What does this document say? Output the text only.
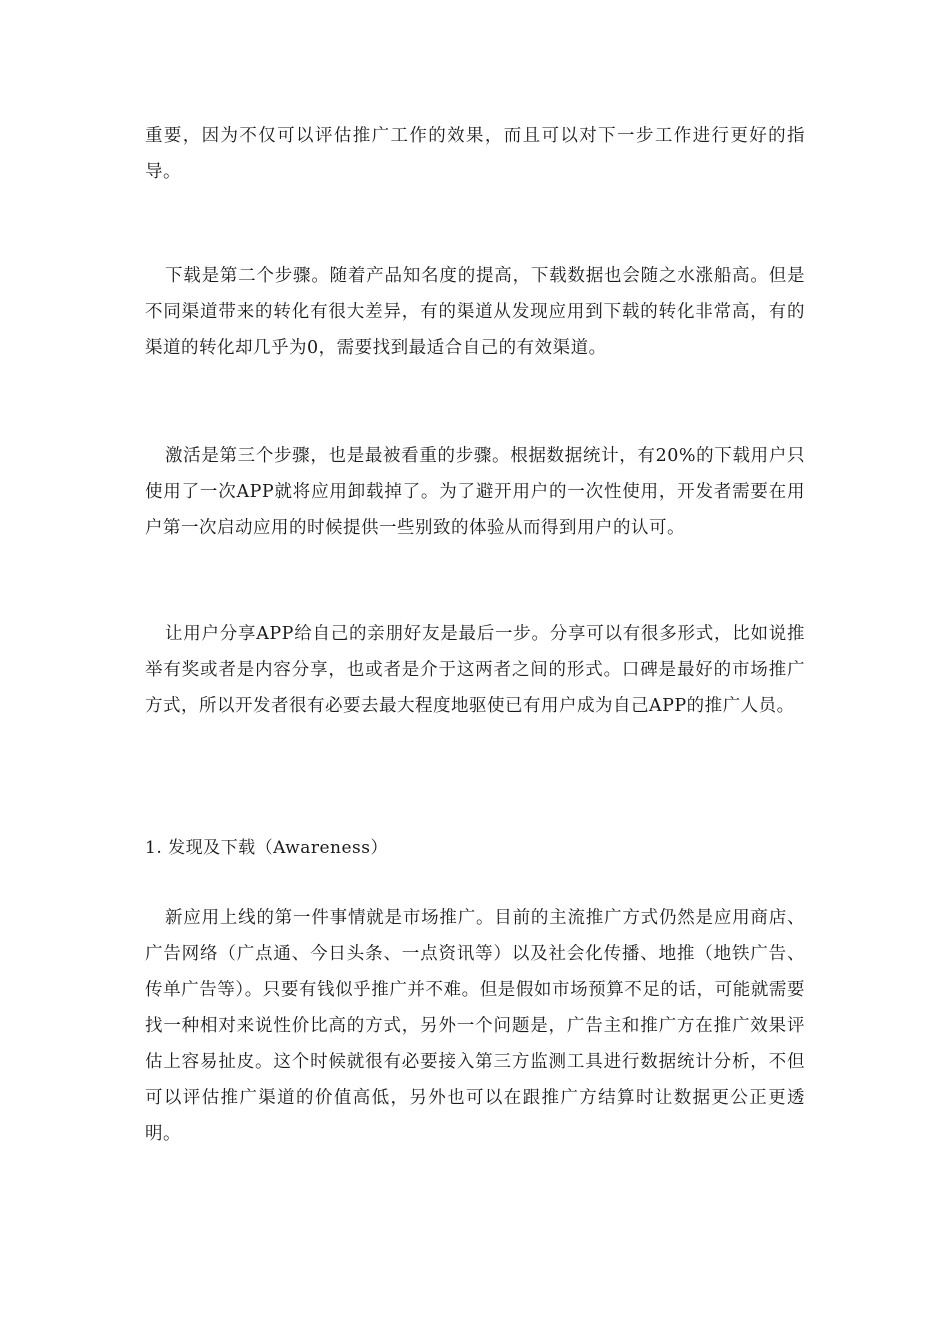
重要，因为不仅可以评估推广工作的效果，而且可以对下一步工作进行更好的指导。

下载是第二个步骤。随着产品知名度的提高，下载数据也会随之水涨船高。但是不同渠道带来的转化有很大差异，有的渠道从发现应用到下载的转化非常高，有的渠道的转化却几乎为0，需要找到最适合自己的有效渠道。

激活是第三个步骤，也是最被看重的步骤。根据数据统计，有20%的下载用户只使用了一次APP就将应用卸载掉了。为了避开用户的一次性使用，开发者需要在用户第一次启动应用的时候提供一些别致的体验从而得到用户的认可。

让用户分享APP给自己的亲朋好友是最后一步。分享可以有很多形式，比如说推举有奖或者是内容分享，也或者是介于这两者之间的形式。口碑是最好的市场推广方式，所以开发者很有必要去最大程度地驱使已有用户成为自己APP的推广人员。

1. 发现及下载（Awareness）

新应用上线的第一件事情就是市场推广。目前的主流推广方式仍然是应用商店、广告网络（广点通、今日头条、一点资讯等）以及社会化传播、地推（地铁广告、传单广告等）。只要有钱似乎推广并不难。但是假如市场预算不足的话，可能就需要找一种相对来说性价比高的方式，另外一个问题是，广告主和推广方在推广效果评估上容易扯皮。这个时候就很有必要接入第三方监测工具进行数据统计分析，不但可以评估推广渠道的价值高低，另外也可以在跟推广方结算时让数据更公正更透明。
